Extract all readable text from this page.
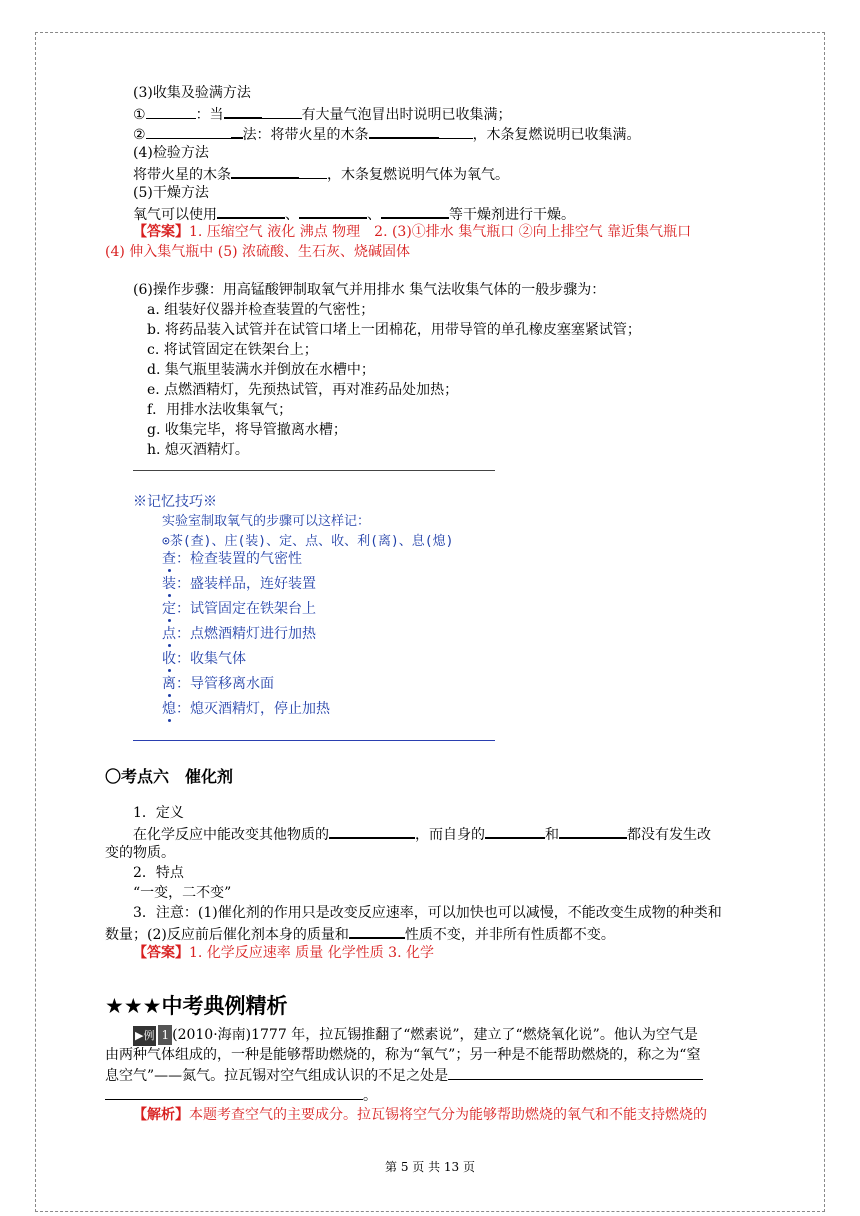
(3)收集及验满方法
①	：当	有大量气泡冒出时说明已收集满；
②	法：将带火星的木条	，木条复燃说明已收集满。
(4)检验方法
将带火星的木条	，木条复燃说明气体为氧气。
(5)干燥方法
氧气可以使用	、	、	等干燥剂进行干燥。
【答案】1. 压缩空气 液化 沸点 物理　2. (3)①排水 集气瓶口 ②向上排空气 靠近集气瓶口
(4) 伸入集气瓶中 (5) 浓硫酸、生石灰、烧碱固体
(6)操作步骤：用高锰酸钾制取氧气并用排水 集气法收集气体的一般步骤为：
a. 组装好仪器并检查装置的气密性；
b. 将药品装入试管并在试管口堵上一团棉花，用带导管的单孔橡皮塞塞紧试管；
c. 将试管固定在铁架台上；
d. 集气瓶里装满水并倒放在水槽中；
e. 点燃酒精灯，先预热试管，再对准药品处加热；
f．用排水法收集氧气；
g. 收集完毕，将导管撤离水槽；
h. 熄灭酒精灯。
※记忆技巧※
实验室制取氧气的步骤可以这样记：
⊙茶(查)、庄(装)、定、点、收、利(离)、息(熄)
查：检查装置的气密性
装：盛装样品，连好装置
定：试管固定在铁架台上
点：点燃酒精灯进行加热
收：收集气体
离：导管移离水面
熄：熄灭酒精灯，停止加热
〇考点六　催化剂
1．定义
在化学反应中能改变其他物质的	，而自身的	和	都没有发生改
变的物质。
2．特点
“一变，二不变”
3．注意：(1)催化剂的作用只是改变反应速率，可以加快也可以减慢，不能改变生成物的种类和
数量；(2)反应前后催化剂本身的质量和	性质不变，并非所有性质都不变。
【答案】1. 化学反应速率 质量 化学性质 3. 化学
★★★中考典例精析
▶例 1 (2010·海南)1777 年，拉瓦锡推翻了“燃素说”，建立了“燃烧氧化说”。他认为空气是
由两种气体组成的，一种是能够帮助燃烧的，称为“氧气”；另一种是不能帮助燃烧的，称之为“窒
息空气”——氮气。拉瓦锡对空气组成认识的不足之处是
。
【解析】本题考查空气的主要成分。拉瓦锡将空气分为能够帮助燃烧的氧气和不能支持燃烧的
第 5 页 共 13 页
